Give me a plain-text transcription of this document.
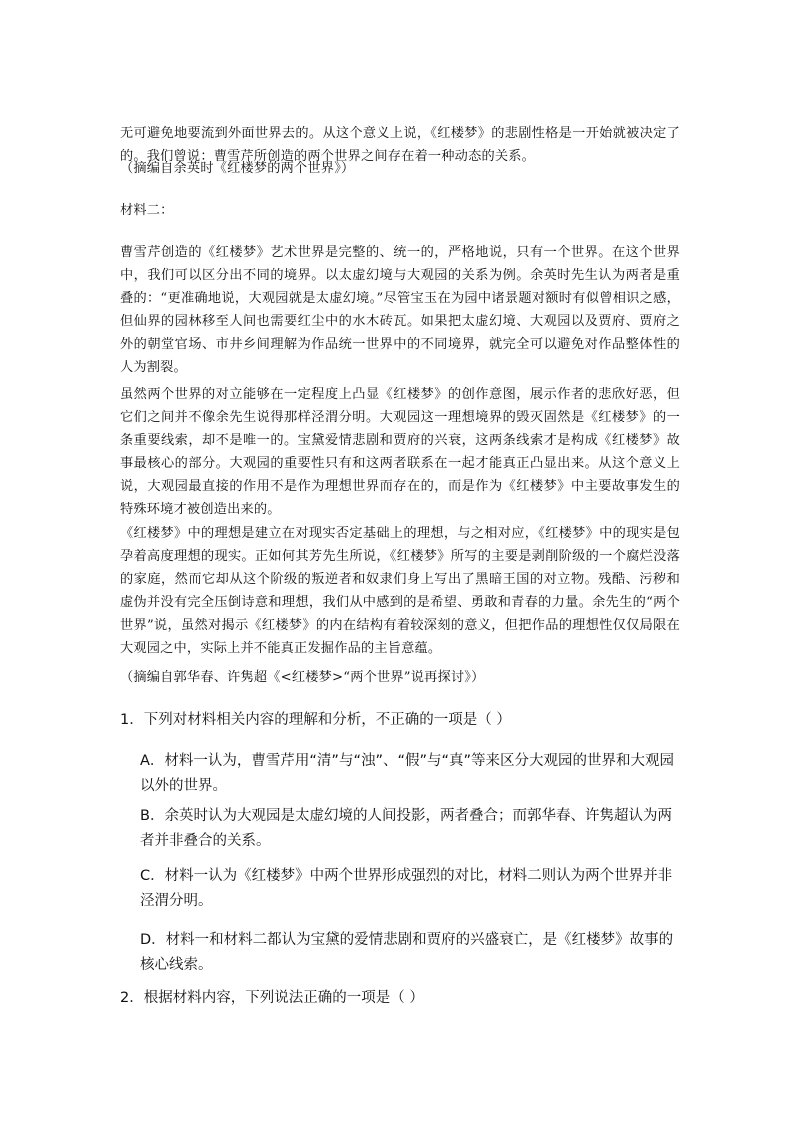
无可避免地要流到外面世界去的。从这个意义上说，《红楼梦》的悲剧性格是一开始就被决定了的。我们曾说：曹雪芹所创造的两个世界之间存在着一种动态的关系。

（摘编自余英时《红楼梦的两个世界》）

材料二：

曹雪芹创造的《红楼梦》艺术世界是完整的、统一的，严格地说，只有一个世界。在这个世界中，我们可以区分出不同的境界。以太虚幻境与大观园的关系为例。余英时先生认为两者是重叠的：“更准确地说，大观园就是太虚幻境。”尽管宝玉在为园中诸景题对额时有似曾相识之感，但仙界的园林移至人间也需要红尘中的水木砖瓦。如果把太虚幻境、大观园以及贾府、贾府之外的朝堂官场、市井乡间理解为作品统一世界中的不同境界，就完全可以避免对作品整体性的人为割裂。

虽然两个世界的对立能够在一定程度上凸显《红楼梦》的创作意图，展示作者的悲欣好恶，但它们之间并不像余先生说得那样泾渭分明。大观园这一理想境界的毁灭固然是《红楼梦》的一条重要线索，却不是唯一的。宝黛爱情悲剧和贾府的兴衰，这两条线索才是构成《红楼梦》故事最核心的部分。大观园的重要性只有和这两者联系在一起才能真正凸显出来。从这个意义上说，大观园最直接的作用不是作为理想世界而存在的，而是作为《红楼梦》中主要故事发生的特殊环境才被创造出来的。

《红楼梦》中的理想是建立在对现实否定基础上的理想，与之相对应，《红楼梦》中的现实是包孕着高度理想的现实。正如何其芳先生所说，《红楼梦》所写的主要是剥削阶级的一个腐烂没落的家庭，然而它却从这个阶级的叛逆者和奴隶们身上写出了黑暗王国的对立物。残酷、污秽和虚伪并没有完全压倒诗意和理想，我们从中感到的是希望、勇敢和青春的力量。余先生的“两个世界”说，虽然对揭示《红楼梦》的内在结构有着较深刻的意义，但把作品的理想性仅仅局限在大观园之中，实际上并不能真正发掘作品的主旨意蕴。

（摘编自郭华春、许隽超《<红楼梦>“两个世界”说再探讨》）

1．下列对材料相关内容的理解和分析，不正确的一项是（ ）

A．材料一认为，曹雪芹用“清”与“浊”、“假”与“真”等来区分大观园的世界和大观园以外的世界。

B．余英时认为大观园是太虚幻境的人间投影，两者叠合；而郭华春、许隽超认为两者并非叠合的关系。

C．材料一认为《红楼梦》中两个世界形成强烈的对比，材料二则认为两个世界并非泾渭分明。

D．材料一和材料二都认为宝黛的爱情悲剧和贾府的兴盛衰亡，是《红楼梦》故事的核心线索。

2．根据材料内容，下列说法正确的一项是（ ）
